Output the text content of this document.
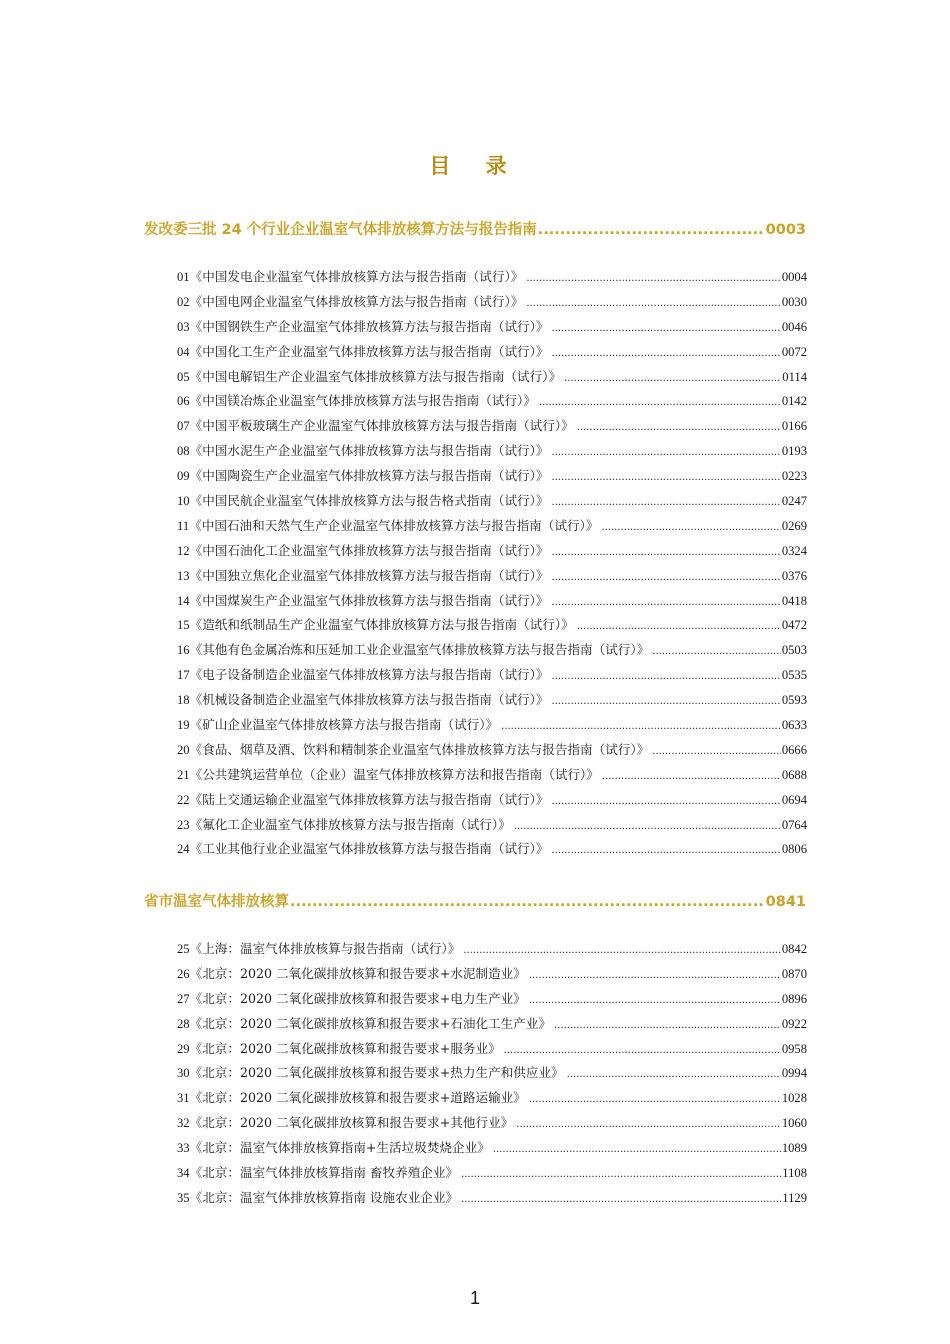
目 录
发改委三批 24 个行业企业温室气体排放核算方法与报告指南 .....	0003
01 《中国发电企业温室气体排放核算方法与报告指南（试行）》 .....	0004
02 《中国电网企业温室气体排放核算方法与报告指南（试行）》 .....	0030
03 《中国钢铁生产企业温室气体排放核算方法与报告指南（试行）》 .....	0046
04 《中国化工生产企业温室气体排放核算方法与报告指南（试行）》 .....	0072
05 《中国电解铝生产企业温室气体排放核算方法与报告指南（试行）》 .....	0114
06 《中国镁冶炼企业温室气体排放核算方法与报告指南（试行）》 .....	0142
07 《中国平板玻璃生产企业温室气体排放核算方法与报告指南（试行）》 .....	0166
08 《中国水泥生产企业温室气体排放核算方法与报告指南（试行）》 .....	0193
09 《中国陶瓷生产企业温室气体排放核算方法与报告指南（试行）》 .....	0223
10 《中国民航企业温室气体排放核算方法与报告格式指南（试行）》 .....	0247
11 《中国石油和天然气生产企业温室气体排放核算方法与报告指南（试行）》 .....	0269
12 《中国石油化工企业温室气体排放核算方法与报告指南（试行）》 .....	0324
13 《中国独立焦化企业温室气体排放核算方法与报告指南（试行）》 .....	0376
14 《中国煤炭生产企业温室气体排放核算方法与报告指南（试行）》 .....	0418
15 《造纸和纸制品生产企业温室气体排放核算方法与报告指南（试行）》 .....	0472
16 《其他有色金属冶炼和压延加工业企业温室气体排放核算方法与报告指南（试行）》 .....	0503
17 《电子设备制造企业温室气体排放核算方法与报告指南（试行）》 .....	0535
18 《机械设备制造企业温室气体排放核算方法与报告指南（试行）》 .....	0593
19 《矿山企业温室气体排放核算方法与报告指南（试行）》 .....	0633
20 《食品、烟草及酒、饮料和精制茶企业温室气体排放核算方法与报告指南（试行）》 .....	0666
21 《公共建筑运营单位（企业）温室气体排放核算方法和报告指南（试行）》 .....	0688
22 《陆上交通运输企业温室气体排放核算方法与报告指南（试行）》 .....	0694
23 《氟化工企业温室气体排放核算方法与报告指南（试行）》 .....	0764
24 《工业其他行业企业温室气体排放核算方法与报告指南（试行）》 .....	0806
省市温室气体排放核算 .....	0841
25 《上海：温室气体排放核算与报告指南（试行）》 .....	0842
26 《北京：2020 二氧化碳排放核算和报告要求+水泥制造业》 .....	0870
27 《北京：2020 二氧化碳排放核算和报告要求+电力生产业》 .....	0896
28 《北京：2020 二氧化碳排放核算和报告要求+石油化工生产业》 .....	0922
29 《北京：2020 二氧化碳排放核算和报告要求+服务业》 .....	0958
30 《北京：2020 二氧化碳排放核算和报告要求+热力生产和供应业》 .....	0994
31 《北京：2020 二氧化碳排放核算和报告要求+道路运输业》 .....	1028
32 《北京：2020 二氧化碳排放核算和报告要求+其他行业》 .....	1060
33 《北京：温室气体排放核算指南+生活垃圾焚烧企业》 .....	1089
34 《北京：温室气体排放核算指南 畜牧养殖企业》 .....	1108
35 《北京：温室气体排放核算指南 设施农业企业》 .....	1129
1
